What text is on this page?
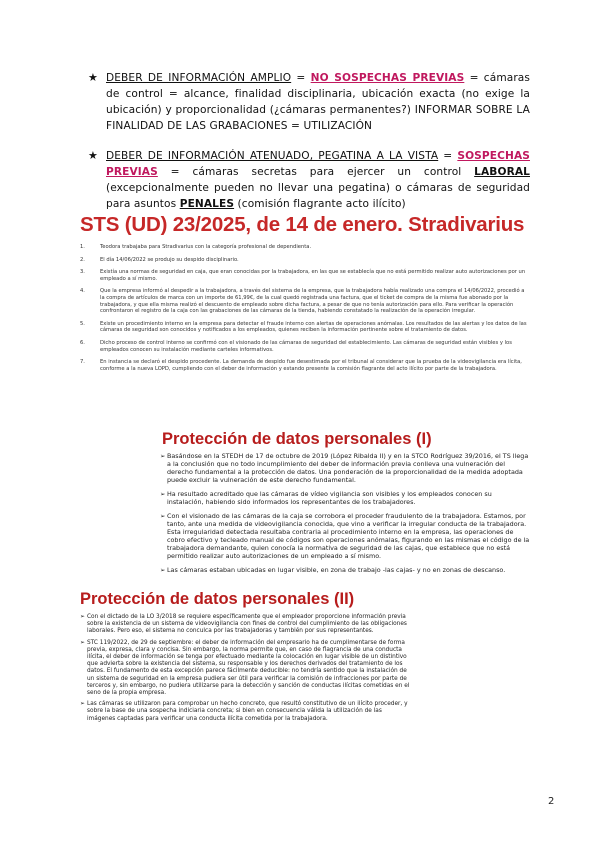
★ DEBER DE INFORMACIÓN AMPLIO = NO SOSPECHAS PREVIAS = cámaras de control = alcance, finalidad disciplinaria, ubicación exacta (no exige la ubicación) y proporcionalidad (¿cámaras permanentes?) INFORMAR SOBRE LA FINALIDAD DE LAS GRABACIONES = UTILIZACIÓN
★ DEBER DE INFORMACIÓN ATENUADO, PEGATINA A LA VISTA = SOSPECHAS PREVIAS = cámaras secretas para ejercer un control LABORAL (excepcionalmente pueden no llevar una pegatina) o cámaras de seguridad para asuntos PENALES (comisión flagrante acto ilícito)
STS (UD) 23/2025, de 14 de enero. Stradivarius
1.	Teodora trabajaba para Stradivarius con la categoría profesional de dependienta.
2.	El día 14/06/2022 se produjo su despido disciplinario.
3.	Existía una normas de seguridad en caja, que eran conocidas por la trabajadora, en las que se establecía que no está permitido realizar auto autorizaciones por un empleado a sí mismo.
4.	Que la empresa informó al despedir a la trabajadora, a través del sistema de la empresa, que la trabajadora había realizado una compra el 14/06/2022, procedió a la compra de artículos de marca con un importe de 61,99€, de la cual quedó registrada una factura, que el ticket de compra de la misma fue abonado por la trabajadora, y que ella misma realizó el descuento de empleado sobre dicha factura, a pesar de que no tenía autorización para ello. Para verificar la operación confrontaron el registro de la caja con las grabaciones de las cámaras de la tienda, habiendo constatado la realización de la operación irregular.
5.	Existe un procedimiento interno en la empresa para detectar el fraude interno con alertas de operaciones anómalas. Los resultados de las alertas y los datos de las cámaras de seguridad son conocidos y notificados a los empleados, quienes reciben la información pertinente sobre el tratamiento de datos.
6.	Dicho proceso de control interno se confirmó con el visionado de las cámaras de seguridad del establecimiento. Las cámaras de seguridad están visibles y los empleados conocen su instalación mediante carteles informativos.
7.	En instancia se declaró el despido procedente. La demanda de despido fue desestimada por el tribunal al considerar que la prueba de la videovigilancia era lícita, conforme a la nueva LOPD, cumpliendo con el deber de información y estando presente la comisión flagrante del acto ilícito por parte de la trabajadora.
Protección de datos personales (I)
➢ Basándose en la STEDH de 17 de octubre de 2019 (López Ribalda II) y en la STCO Rodríguez 39/2016, el TS llega a la conclusión que no todo incumplimiento del deber de información previa conlleva una vulneración del derecho fundamental a la protección de datos. Una ponderación de la proporcionalidad de la medida adoptada puede excluir la vulneración de este derecho fundamental.
➢ Ha resultado acreditado que las cámaras de vídeo vigilancia son visibles y los empleados conocen su instalación, habiendo sido informados los representantes de los trabajadores.
➢ Con el visionado de las cámaras de la caja se corrobora el proceder fraudulento de la trabajadora. Estamos, por tanto, ante una medida de videovigilancia conocida, que vino a verificar la irregular conducta de la trabajadora. Esta irregularidad detectada resultaba contraria al procedimiento interno en la empresa, las operaciones de cobro efectivo y tecleado manual de códigos son operaciones anómalas, figurando en las mismas el código de la trabajadora demandante, quien conocía la normativa de seguridad de las cajas, que establece que no está permitido realizar auto autorizaciones de un empleado a sí mismo.
➢ Las cámaras estaban ubicadas en lugar visible, en zona de trabajo -las cajas- y no en zonas de descanso.
Protección de datos personales (II)
➢ Con el dictado de la LO 3/2018 se requiere específicamente que el empleador proporcione información previa sobre la existencia de un sistema de videovigilancia con fines de control del cumplimiento de las obligaciones laborales. Pero eso, el sistema no conculca por las trabajadoras y también por sus representantes.
➢ STC 119/2022, de 29 de septiembre: el deber de información del empresario ha de cumplimentarse de forma previa, expresa, clara y concisa. Sin embargo, la norma permite que, en caso de flagrancia de una conducta ilícita, el deber de información se tenga por efectuado mediante la colocación en lugar visible de un distintivo que advierta sobre la existencia del sistema, su responsable y los derechos derivados del tratamiento de los datos. El fundamento de esta excepción parece fácilmente deducible: no tendría sentido que la instalación de un sistema de seguridad en la empresa pudiera ser útil para verificar la comisión de infracciones por parte de terceros y, sin embargo, no pudiera utilizarse para la detección y sanción de conductas ilícitas cometidas en el seno de la propia empresa.
➢ Las cámaras se utilizaron para comprobar un hecho concreto, que resultó constitutivo de un ilícito proceder, y sobre la base de una sospecha indiciaria concreta; si bien en consecuencia válida la utilización de las imágenes captadas para verificar una conducta ilícita cometida por la trabajadora.
2
